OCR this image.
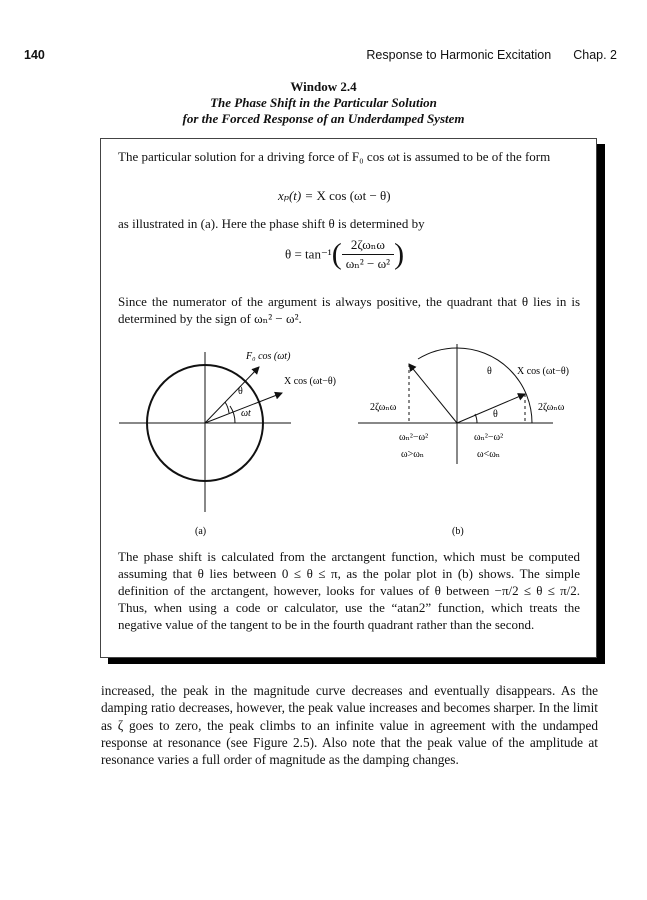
140	Response to Harmonic Excitation Chap. 2
Window 2.4
The Phase Shift in the Particular Solution
for the Forced Response of an Underdamped System

The particular solution for a driving force of F₀ cos ωt is assumed to be of the form

xₚ(t) = X cos (ωt − θ)

as illustrated in (a). Here the phase shift θ is determined by

$\theta = \tan^{-1}( \frac{\text{2ζωₙω}}{\text{ωₙ² − ω²}}$ )

Since the numerator of the argument is always positive, the quadrant that θ lies in is determined by the sign of ωₙ² − ω².

F₀ cos (ωt)
X cos (ωt−θ)
θ
ωt
(a)
θ	X cos (ωt−θ)
2ζωₙω	2ζωₙω
θ
ωₙ²−ω²
ω>ωₙ
ωₙ²−ω²
ω<ωₙ
(b)

The phase shift is calculated from the arctangent function, which must be computed assuming that θ lies between 0 ≤ θ ≤ π, as the polar plot in (b) shows. The simple definition of the arctangent, however, looks for values of θ between −π/2 ≤ θ ≤ π/2. Thus, when using a code or calculator, use the “atan2” function, which treats the negative value of the tangent to be in the fourth quadrant rather than the second.

increased, the peak in the magnitude curve decreases and eventually disappears. As the damping ratio decreases, however, the peak value increases and becomes sharper. In the limit as ζ goes to zero, the peak climbs to an infinite value in agreement with the undamped response at resonance (see Figure 2.5). Also note that the peak value of the amplitude at resonance varies a full order of magnitude as the damping changes.
